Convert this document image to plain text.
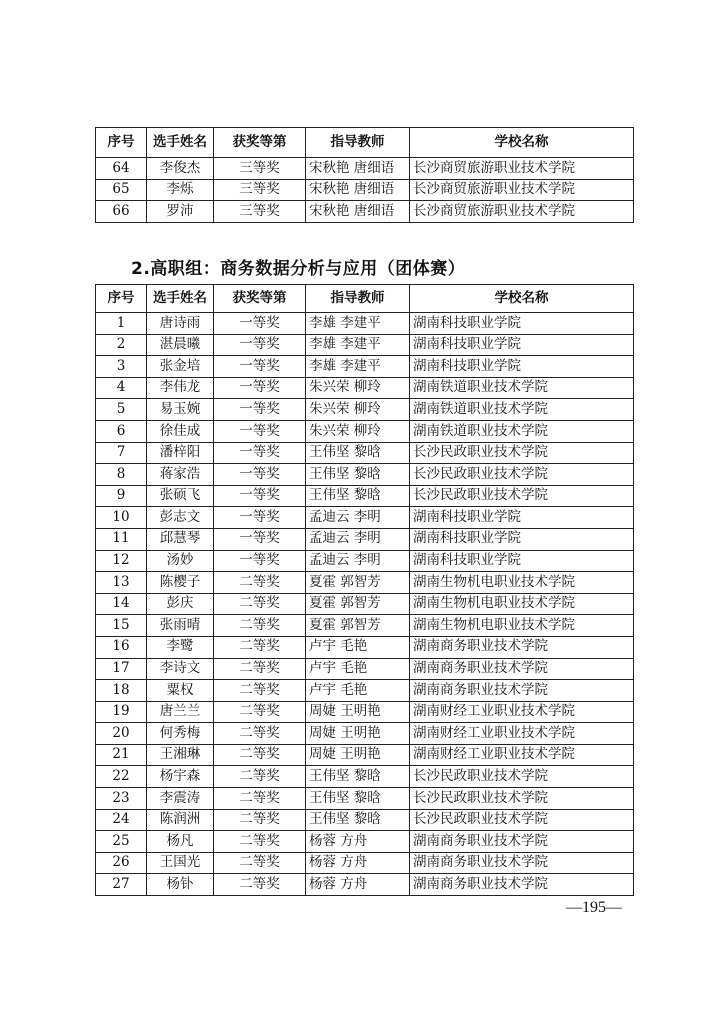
序号	选手姓名	获奖等第	指导教师	学校名称
64	李俊杰	三等奖	宋秋艳 唐细语	长沙商贸旅游职业技术学院
65	李烁	三等奖	宋秋艳 唐细语	长沙商贸旅游职业技术学院
66	罗沛	三等奖	宋秋艳 唐细语	长沙商贸旅游职业技术学院
2.高职组：商务数据分析与应用（团体赛）
序号	选手姓名	获奖等第	指导教师	学校名称
1	唐诗雨	一等奖	李雄 李建平	湖南科技职业学院
2	湛晨曦	一等奖	李雄 李建平	湖南科技职业学院
3	张金培	一等奖	李雄 李建平	湖南科技职业学院
4	李伟龙	一等奖	朱兴荣 柳玲	湖南铁道职业技术学院
5	易玉婉	一等奖	朱兴荣 柳玲	湖南铁道职业技术学院
6	徐佳成	一等奖	朱兴荣 柳玲	湖南铁道职业技术学院
7	潘梓阳	一等奖	王伟坚 黎晗	长沙民政职业技术学院
8	蒋家浩	一等奖	王伟坚 黎晗	长沙民政职业技术学院
9	张硕飞	一等奖	王伟坚 黎晗	长沙民政职业技术学院
10	彭志文	一等奖	孟迪云 李明	湖南科技职业学院
11	邱慧琴	一等奖	孟迪云 李明	湖南科技职业学院
12	汤妙	一等奖	孟迪云 李明	湖南科技职业学院
13	陈樱子	二等奖	夏霍 郭智芳	湖南生物机电职业技术学院
14	彭庆	二等奖	夏霍 郭智芳	湖南生物机电职业技术学院
15	张雨晴	二等奖	夏霍 郭智芳	湖南生物机电职业技术学院
16	李鹭	二等奖	卢宇 毛艳	湖南商务职业技术学院
17	李诗文	二等奖	卢宇 毛艳	湖南商务职业技术学院
18	粟权	二等奖	卢宇 毛艳	湖南商务职业技术学院
19	唐兰兰	二等奖	周婕 王明艳	湖南财经工业职业技术学院
20	何秀梅	二等奖	周婕 王明艳	湖南财经工业职业技术学院
21	王湘琳	二等奖	周婕 王明艳	湖南财经工业职业技术学院
22	杨宇森	二等奖	王伟坚 黎晗	长沙民政职业技术学院
23	李震涛	二等奖	王伟坚 黎晗	长沙民政职业技术学院
24	陈润洲	二等奖	王伟坚 黎晗	长沙民政职业技术学院
25	杨凡	二等奖	杨蓉 方舟	湖南商务职业技术学院
26	王国光	二等奖	杨蓉 方舟	湖南商务职业技术学院
27	杨钋	二等奖	杨蓉 方舟	湖南商务职业技术学院
—195—
